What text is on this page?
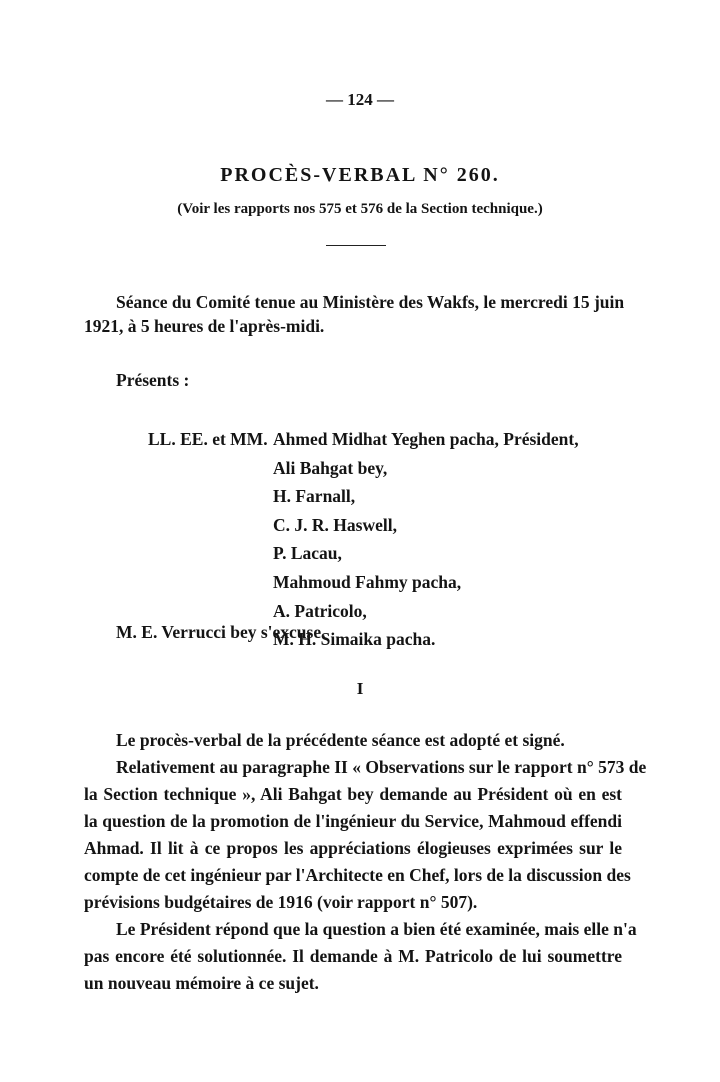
— 124 —
PROCÈS-VERBAL N° 260.
(Voir les rapports nos 575 et 576 de la Section technique.)
Séance du Comité tenue au Ministère des Wakfs, le mercredi 15 juin
1921, à 5 heures de l'après-midi.
Présents :
LL. EE. et MM. Ahmed Midhat Yeghen pacha, Président,
Ali Bahgat bey,
H. Farnall,
C. J. R. Haswell,
P. Lacau,
Mahmoud Fahmy pacha,
A. Patricolo,
M. H. Simaika pacha.
M. E. Verrucci bey s'excuse.
I
Le procès-verbal de la précédente séance est adopté et signé.
Relativement au paragraphe II « Observations sur le rapport n° 573 de
la Section technique », Ali Bahgat bey demande au Président où en est
la question de la promotion de l'ingénieur du Service, Mahmoud effendi
Ahmad. Il lit à ce propos les appréciations élogieuses exprimées sur le
compte de cet ingénieur par l'Architecte en Chef, lors de la discussion des
prévisions budgétaires de 1916 (voir rapport n° 507).
Le Président répond que la question a bien été examinée, mais elle n'a
pas encore été solutionnée. Il demande à M. Patricolo de lui soumettre
un nouveau mémoire à ce sujet.
